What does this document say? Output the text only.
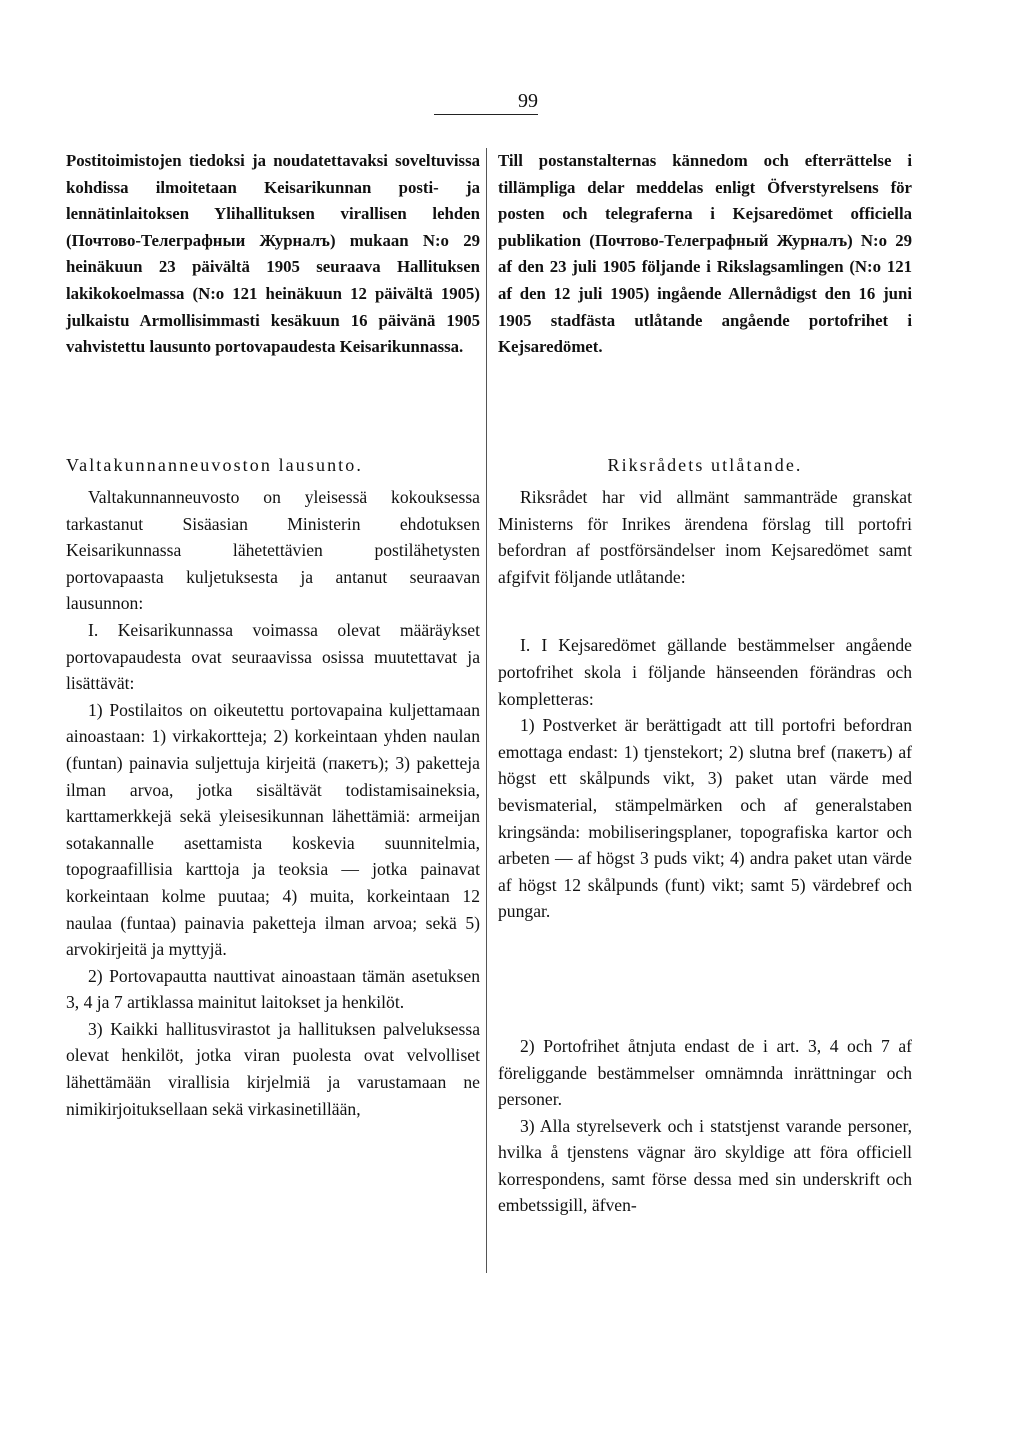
99

Postitoimistojen tiedoksi ja noudatettavaksi soveltuvissa kohdissa ilmoitetaan Keisarikunnan posti- ja lennätinlaitoksen Ylihallituksen virallisen lehden (Почтово-Телеграфныи Журналъ) mukaan N:o 29 heinäkuun 23 päivältä 1905 seuraava Hallituksen lakikokoelmassa (N:o 121 heinäkuun 12 päivältä 1905) julkaistu Armollisimmasti kesäkuun 16 päivänä 1905 vahvistettu lausunto portovapaudesta Keisarikunnassa.

Valtakunnanneuvoston lausunto.

Valtakunnanneuvosto on yleisessä kokouksessa tarkastanut Sisäasian Ministerin ehdotuksen Keisarikunnassa lähetettävien postilähetysten portovapaasta kuljetuksesta ja antanut seuraavan lausunnon:

I. Keisarikunnassa voimassa olevat määräykset portovapaudesta ovat seuraavissa osissa muutettavat ja lisättävät:

1) Postilaitos on oikeutettu portovapaina kuljettamaan ainoastaan: 1) virkakortteja; 2) korkeintaan yhden naulan (funtan) painavia suljettuja kirjeitä (пакетъ); 3) paketteja ilman arvoa, jotka sisältävät todistamisaineksia, karttamerkkejä sekä yleisesikunnan lähettämiä: armeijan sotakannalle asettamista koskevia suunnitelmia, topograafillisia karttoja ja teoksia — jotka painavat korkeintaan kolme puutaa; 4) muita, korkeintaan 12 naulaa (funtaa) painavia paketteja ilman arvoa; sekä 5) arvokirjeitä ja myttyjä.

2) Portovapautta nauttivat ainoastaan tämän asetuksen 3, 4 ja 7 artiklassa mainitut laitokset ja henkilöt.

3) Kaikki hallitusvirastot ja hallituksen palveluksessa olevat henkilöt, jotka viran puolesta ovat velvolliset lähettämään virallisia kirjelmiä ja varustamaan ne nimikirjoituksellaan sekä virkasinetillään,

Till postanstalternas kännedom och efterrättelse i tillämpliga delar meddelas enligt Öfverstyrelsens för posten och telegraferna i Kejsaredömet officiella publikation (Почтово-Телеграфный Журналъ) N:o 29 af den 23 juli 1905 följande i Rikslagsamlingen (N:o 121 af den 12 juli 1905) ingående Allernådigst den 16 juni 1905 stadfästa utlåtande angående portofrihet i Kejsaredömet.

Riksrådets utlåtande.

Riksrådet har vid allmänt sammanträde granskat Ministerns för Inrikes ärendena förslag till portofri befordran af postförsändelser inom Kejsaredömet samt afgifvit följande utlåtande:

I. I Kejsaredömet gällande bestämmelser angående portofrihet skola i följande hänseenden förändras och kompletteras:

1) Postverket är berättigadt att till portofri befordran emottaga endast: 1) tjenstekort; 2) slutna bref (пакетъ) af högst ett skålpunds vikt, 3) paket utan värde med bevismaterial, stämpelmärken och af generalstaben kringsända: mobiliseringsplaner, topografiska kartor och arbeten — af högst 3 puds vikt; 4) andra paket utan värde af högst 12 skålpunds (funt) vikt; samt 5) värdebref och pungar.

2) Portofrihet åtnjuta endast de i art. 3, 4 och 7 af föreliggande bestämmelser omnämnda inrättningar och personer.

3) Alla styrelseverk och i statstjenst varande personer, hvilka å tjenstens vägnar äro skyldige att föra officiell korrespondens, samt förse dessa med sin underskrift och embetssigill, äfven-
